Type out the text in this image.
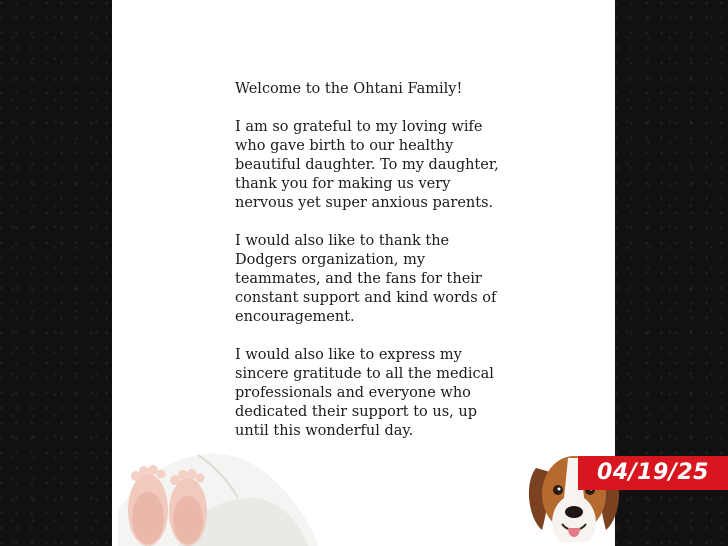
Welcome to the Ohtani Family!

I am so grateful to my loving wife who gave birth to our healthy beautiful daughter. To my daughter, thank you for making us very nervous yet super anxious parents.

I would also like to thank the Dodgers organization, my teammates, and the fans for their constant support and kind words of encouragement.

I would also like to express my sincere gratitude to all the medical professionals and everyone who dedicated their support to us, up until this wonderful day.

04/19/25
